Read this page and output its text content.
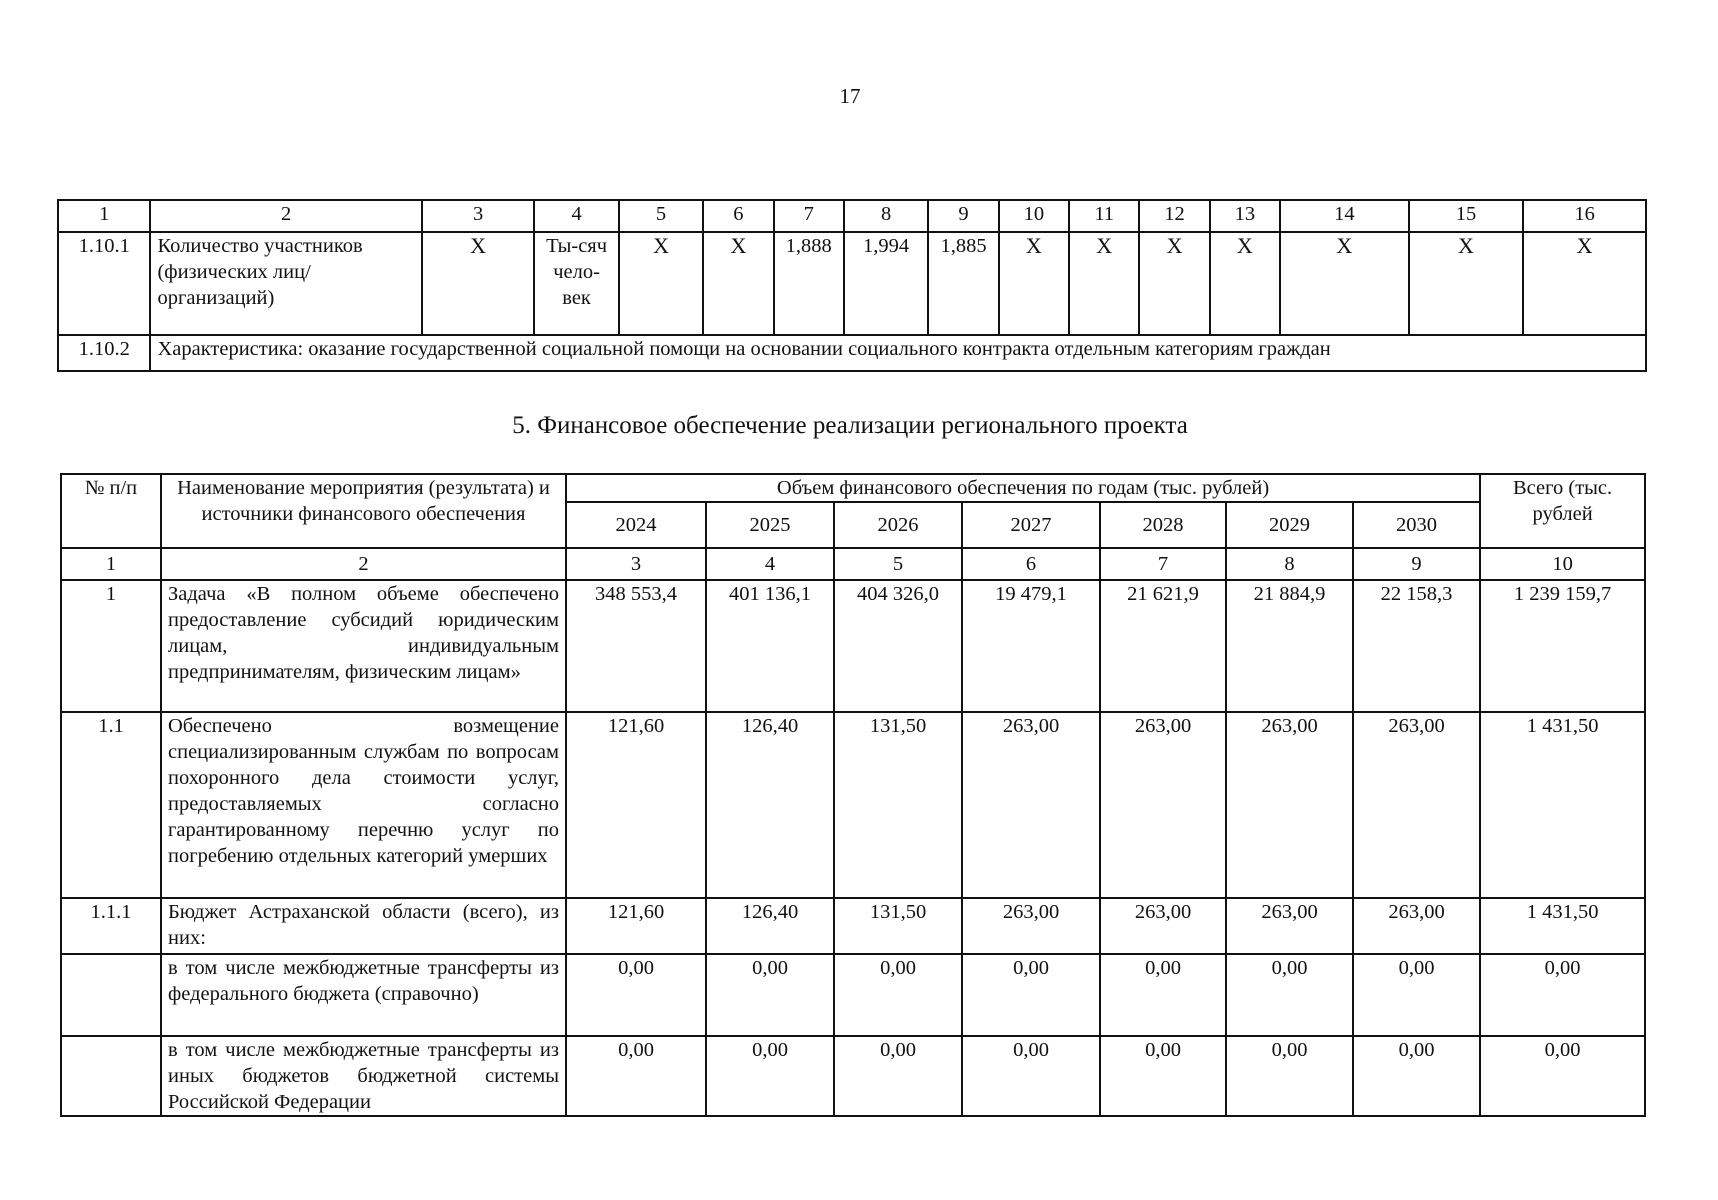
17
1	2	3	4	5	6	7	8	9	10	11	12	13	14	15	16
1.10.1	Количество участников (физических лиц/организаций)	X	Ты-сяч чело-век	X	X	1,888	1,994	1,885	X	X	X	X	X	X	X
1.10.2	Характеристика: оказание государственной социальной помощи на основании социального контракта отдельным категориям граждан														
5. Финансовое обеспечение реализации регионального проекта
№ п/п	Наименование мероприятия (результата) и источники финансового обеспечения	Объем финансового обеспечения по годам (тыс. рублей)							Всего (тыс. рублей
		2024	2025	2026	2027	2028	2029	2030	
1	2	3	4	5	6	7	8	9	10
1	Задача «В полном объеме обеспечено предоставление субсидий юридическим лицам, индивидуальным предпринимателям, физическим лицам»	348 553,4	401 136,1	404 326,0	19 479,1	21 621,9	21 884,9	22 158,3	1 239 159,7
1.1	Обеспечено возмещение специализированным службам по вопросам похоронного дела стоимости услуг, предоставляемых согласно гарантированному перечню услуг по погребению отдельных категорий умерших	121,60	126,40	131,50	263,00	263,00	263,00	263,00	1 431,50
1.1.1	Бюджет Астраханской области (всего), из них:	121,60	126,40	131,50	263,00	263,00	263,00	263,00	1 431,50
	в том числе межбюджетные трансферты из федерального бюджета (справочно)	0,00	0,00	0,00	0,00	0,00	0,00	0,00	0,00
	в том числе межбюджетные трансферты из иных бюджетов бюджетной системы Российской Федерации	0,00	0,00	0,00	0,00	0,00	0,00	0,00	0,00
